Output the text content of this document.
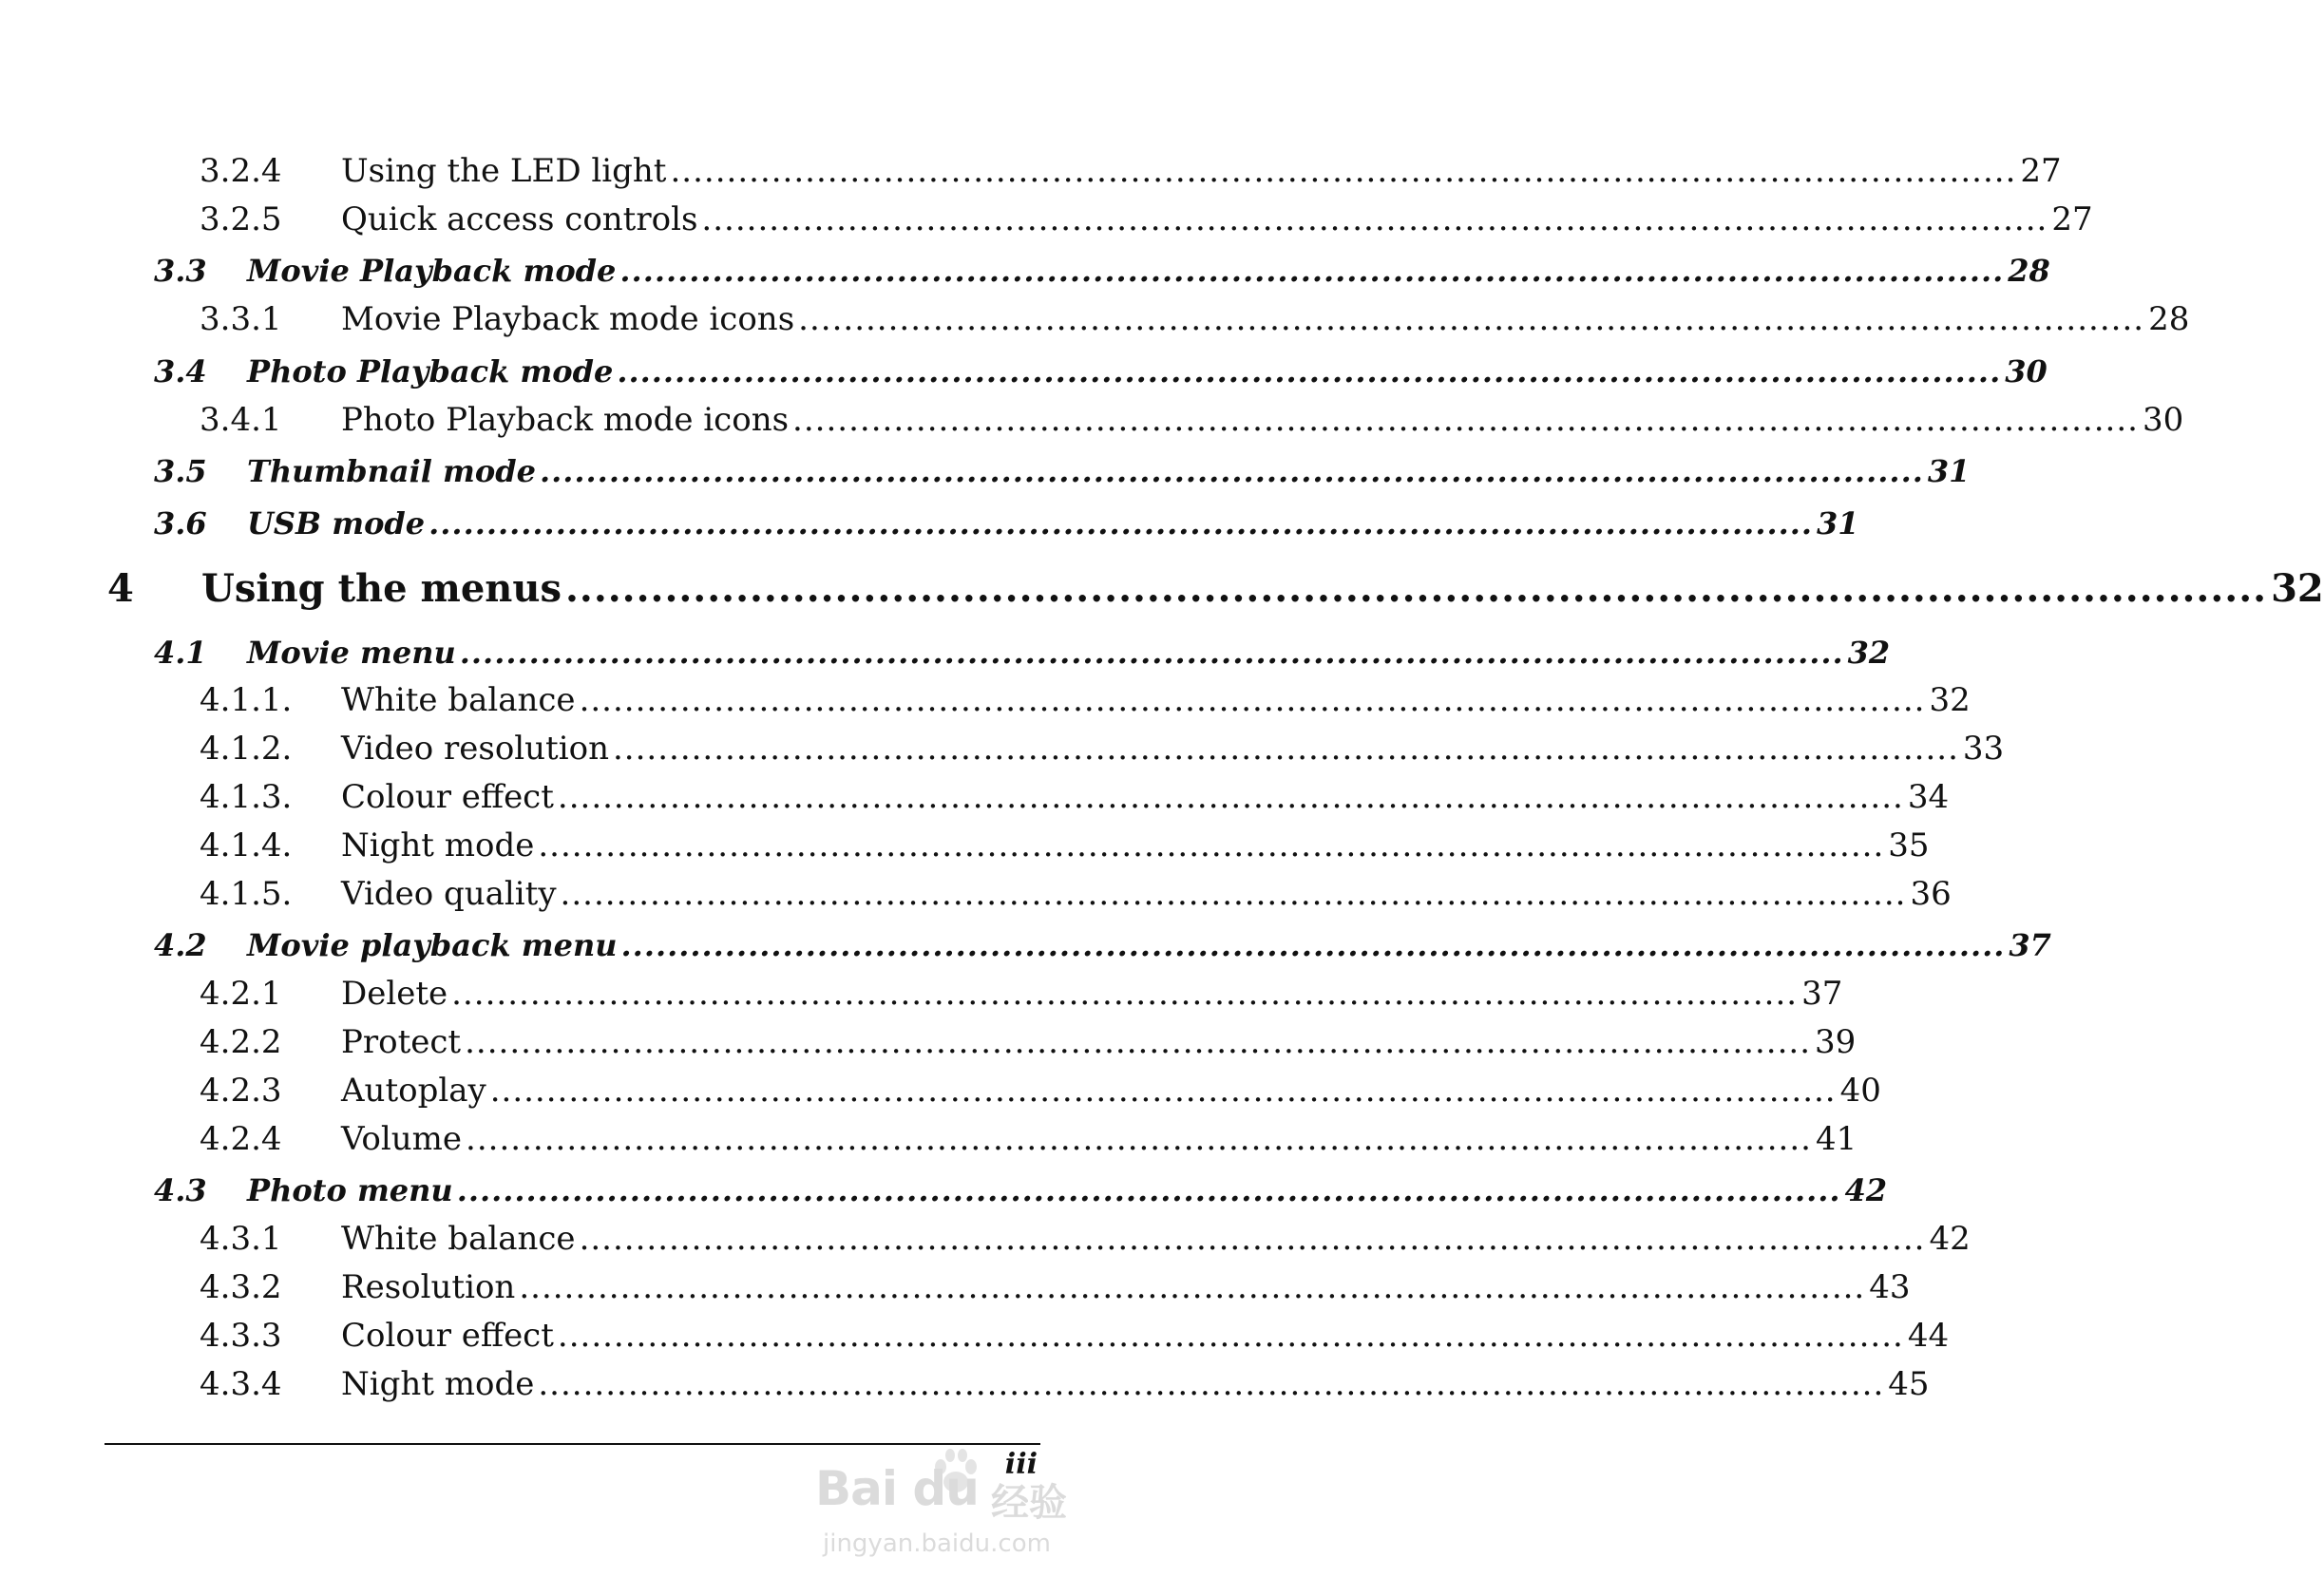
3.2.4 Using the LED light ........................................................................................................................ 27
3.2.5 Quick access controls ........................................................................................................................ 27
3.3 Movie Playback mode ........................................................................................................................ 28
3.3.1 Movie Playback mode icons ........................................................................................................................ 28
3.4 Photo Playback mode ........................................................................................................................ 30
3.4.1 Photo Playback mode icons ........................................................................................................................ 30
3.5 Thumbnail mode ........................................................................................................................ 31
3.6 USB mode ........................................................................................................................ 31
4 Using the menus ........................................................................................................................ 32
4.1 Movie menu ........................................................................................................................ 32
4.1.1. White balance ........................................................................................................................ 32
4.1.2. Video resolution ........................................................................................................................ 33
4.1.3. Colour effect ........................................................................................................................ 34
4.1.4. Night mode ........................................................................................................................ 35
4.1.5. Video quality ........................................................................................................................ 36
4.2 Movie playback menu ........................................................................................................................ 37
4.2.1 Delete ........................................................................................................................ 37
4.2.2 Protect ........................................................................................................................ 39
4.2.3 Autoplay ........................................................................................................................ 40
4.2.4 Volume ........................................................................................................................ 41
4.3 Photo menu ........................................................................................................................ 42
4.3.1 White balance ........................................................................................................................ 42
4.3.2 Resolution ........................................................................................................................ 43
4.3.3 Colour effect ........................................................................................................................ 44
4.3.4 Night mode ........................................................................................................................ 45
Bai du 经验
jingyan.baidu.com
iii
